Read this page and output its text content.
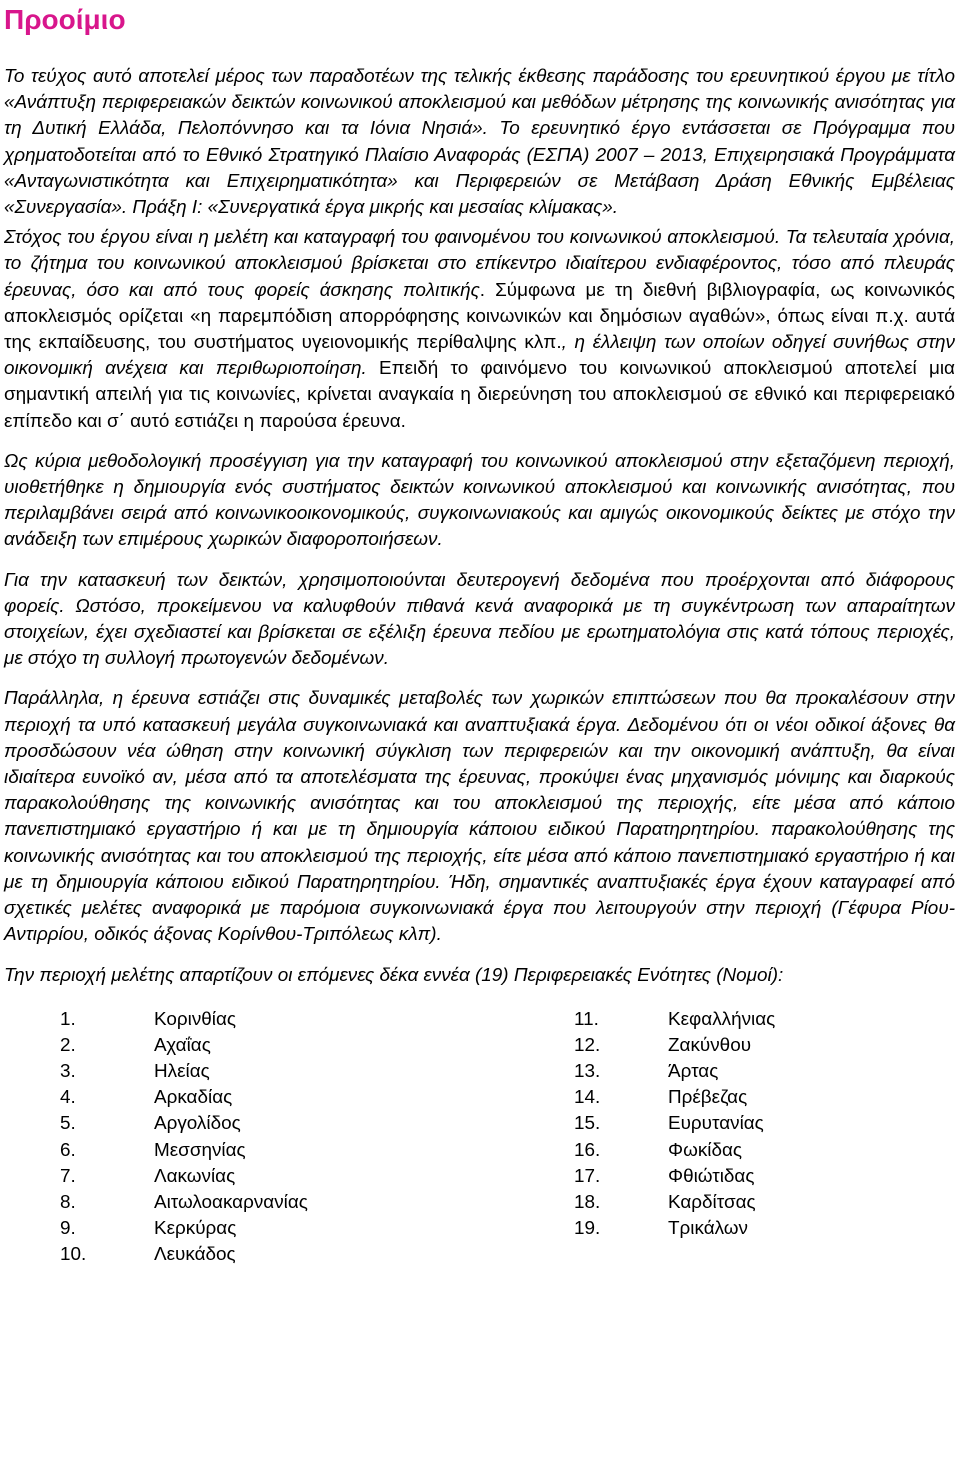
Προοίμιο

Το τεύχος αυτό αποτελεί μέρος των παραδοτέων της τελικής έκθεσης παράδοσης του ερευνητικού έργου με τίτλο «Ανάπτυξη περιφερειακών δεικτών κοινωνικού αποκλεισμού και μεθόδων μέτρησης της κοινωνικής ανισότητας για τη Δυτική Ελλάδα, Πελοπόννησο και τα Ιόνια Νησιά». Το ερευνητικό έργο εντάσσεται σε Πρόγραμμα που χρηματοδοτείται από το Εθνικό Στρατηγικό Πλαίσιο Αναφοράς (ΕΣΠΑ) 2007 – 2013, Επιχειρησιακά Προγράμματα «Ανταγωνιστικότητα και Επιχειρηματικότητα» και Περιφερειών σε Μετάβαση Δράση Εθνικής Εμβέλειας «Συνεργασία». Πράξη Ι: «Συνεργατικά έργα μικρής και μεσαίας κλίμακας».

Στόχος του έργου είναι η μελέτη και καταγραφή του φαινομένου του κοινωνικού αποκλεισμού. Τα τελευταία χρόνια, το ζήτημα του κοινωνικού αποκλεισμού βρίσκεται στο επίκεντρο ιδιαίτερου ενδιαφέροντος, τόσο από πλευράς έρευνας, όσο και από τους φορείς άσκησης πολιτικής. Σύμφωνα με τη διεθνή βιβλιογραφία, ως κοινωνικός αποκλεισμός ορίζεται «η παρεμπόδιση απορρόφησης κοινωνικών και δημόσιων αγαθών», όπως είναι π.χ. αυτά της εκπαίδευσης, του συστήματος υγειονομικής περίθαλψης κλπ., η έλλειψη των οποίων οδηγεί συνήθως στην οικονομική ανέχεια και περιθωριοποίηση. Επειδή το φαινόμενο του κοινωνικού αποκλεισμού αποτελεί μια σημαντική απειλή για τις κοινωνίες, κρίνεται αναγκαία η διερεύνηση του αποκλεισμού σε εθνικό και περιφερειακό επίπεδο και σ΄ αυτό εστιάζει η παρούσα έρευνα.

Ως κύρια μεθοδολογική προσέγγιση για την καταγραφή του κοινωνικού αποκλεισμού στην εξεταζόμενη περιοχή, υιοθετήθηκε η δημιουργία ενός συστήματος δεικτών κοινωνικού αποκλεισμού και κοινωνικής ανισότητας, που περιλαμβάνει σειρά από κοινωνικοοικονομικούς, συγκοινωνιακούς και αμιγώς οικονομικούς δείκτες με στόχο την ανάδειξη των επιμέρους χωρικών διαφοροποιήσεων.

Για την κατασκευή των δεικτών, χρησιμοποιούνται δευτερογενή δεδομένα που προέρχονται από διάφορους φορείς. Ωστόσο, προκείμενου να καλυφθούν πιθανά κενά αναφορικά με τη συγκέντρωση των απαραίτητων στοιχείων, έχει σχεδιαστεί και βρίσκεται σε εξέλιξη έρευνα πεδίου με ερωτηματολόγια στις κατά τόπους περιοχές, με στόχο τη συλλογή πρωτογενών δεδομένων.

Παράλληλα, η έρευνα εστιάζει στις δυναμικές μεταβολές των χωρικών επιπτώσεων που θα προκαλέσουν στην περιοχή τα υπό κατασκευή μεγάλα συγκοινωνιακά και αναπτυξιακά έργα. Δεδομένου ότι οι νέοι οδικοί άξονες θα προσδώσουν νέα ώθηση στην κοινωνική σύγκλιση των περιφερειών και την οικονομική ανάπτυξη, θα είναι ιδιαίτερα ευνοϊκό αν, μέσα από τα αποτελέσματα της έρευνας, προκύψει ένας μηχανισμός μόνιμης και διαρκούς παρακολούθησης της κοινωνικής ανισότητας και του αποκλεισμού της περιοχής, είτε μέσα από κάποιο πανεπιστημιακό εργαστήριο ή και με τη δημιουργία κάποιου ειδικού Παρατηρητηρίου. παρακολούθησης της κοινωνικής ανισότητας και του αποκλεισμού της περιοχής, είτε μέσα από κάποιο πανεπιστημιακό εργαστήριο ή και με τη δημιουργία κάποιου ειδικού Παρατηρητηρίου. Ήδη, σημαντικές αναπτυξιακές έργα έχουν καταγραφεί από σχετικές μελέτες αναφορικά με παρόμοια συγκοινωνιακά έργα που λειτουργούν στην περιοχή (Γέφυρα Ρίου-Αντιρρίου, οδικός άξονας Κορίνθου-Τριπόλεως κλπ).

Την περιοχή μελέτης απαρτίζουν οι επόμενες δέκα εννέα (19) Περιφερειακές Ενότητες (Νομοί):

1.	Κορινθίας
2.	Αχαΐας
3.	Ηλείας
4.	Αρκαδίας
5.	Αργολίδος
6.	Μεσσηνίας
7.	Λακωνίας
8.	Αιτωλοακαρνανίας
9.	Κερκύρας
10.	Λευκάδος
11.	Κεφαλλήνιας
12.	Ζακύνθου
13.	Άρτας
14.	Πρέβεζας
15.	Ευρυτανίας
16.	Φωκίδας
17.	Φθιώτιδας
18.	Καρδίτσας
19.	Τρικάλων
